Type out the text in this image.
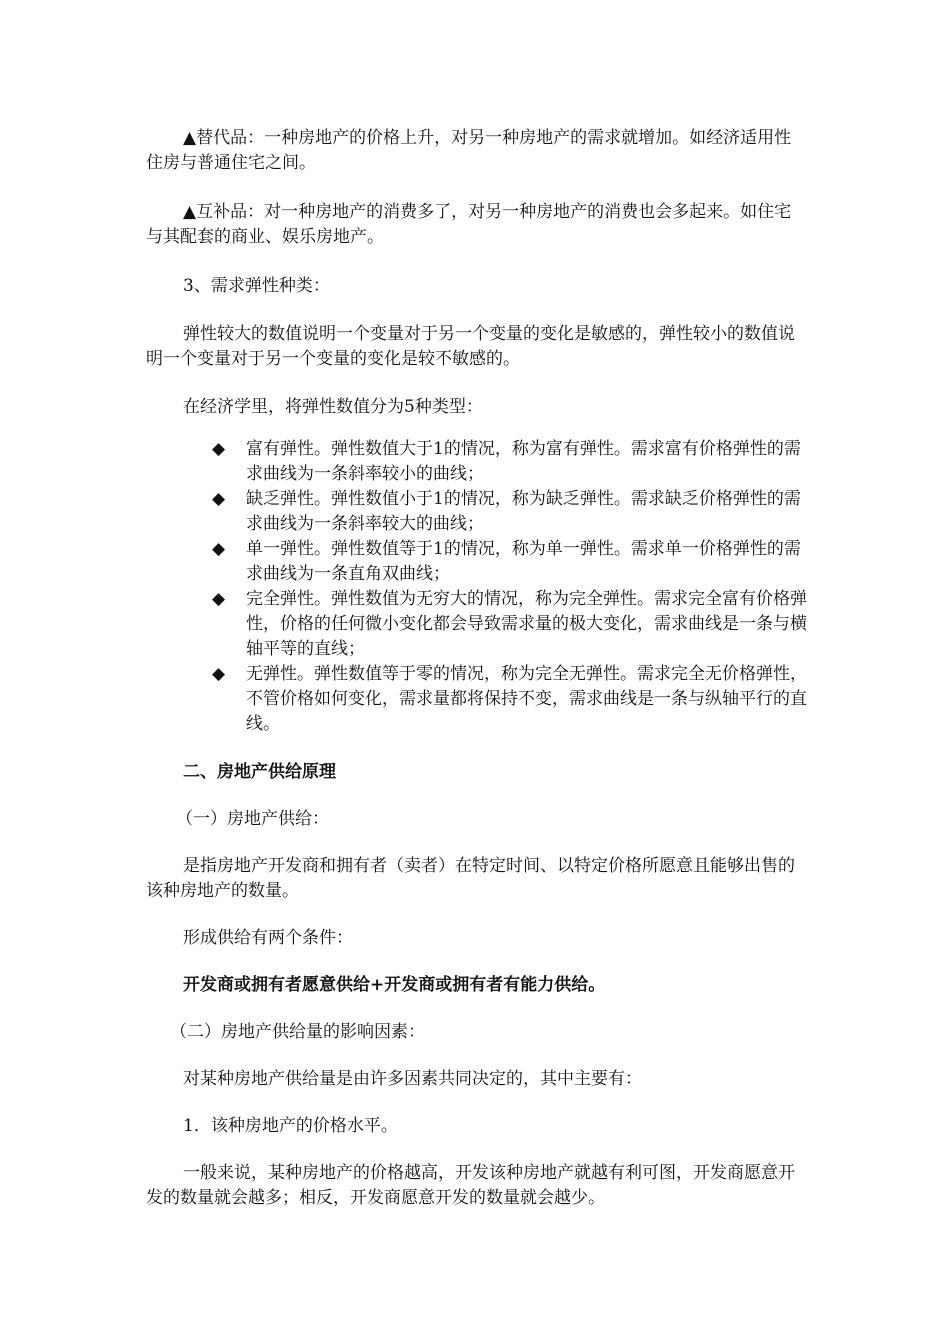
▲替代品：一种房地产的价格上升，对另一种房地产的需求就增加。如经济适用性住房与普通住宅之间。

▲互补品：对一种房地产的消费多了，对另一种房地产的消费也会多起来。如住宅与其配套的商业、娱乐房地产。

3、需求弹性种类：

弹性较大的数值说明一个变量对于另一个变量的变化是敏感的，弹性较小的数值说明一个变量对于另一个变量的变化是较不敏感的。

在经济学里，将弹性数值分为5种类型：

◆ 富有弹性。弹性数值大于1的情况，称为富有弹性。需求富有价格弹性的需求曲线为一条斜率较小的曲线；
◆ 缺乏弹性。弹性数值小于1的情况，称为缺乏弹性。需求缺乏价格弹性的需求曲线为一条斜率较大的曲线；
◆ 单一弹性。弹性数值等于1的情况，称为单一弹性。需求单一价格弹性的需求曲线为一条直角双曲线；
◆ 完全弹性。弹性数值为无穷大的情况，称为完全弹性。需求完全富有价格弹性，价格的任何微小变化都会导致需求量的极大变化，需求曲线是一条与横轴平等的直线；
◆ 无弹性。弹性数值等于零的情况，称为完全无弹性。需求完全无价格弹性，不管价格如何变化，需求量都将保持不变，需求曲线是一条与纵轴平行的直线。

二、房地产供给原理

（一）房地产供给：

是指房地产开发商和拥有者（卖者）在特定时间、以特定价格所愿意且能够出售的该种房地产的数量。

形成供给有两个条件：

开发商或拥有者愿意供给+开发商或拥有者有能力供给。

（二）房地产供给量的影响因素：

对某种房地产供给量是由许多因素共同决定的，其中主要有：

1．该种房地产的价格水平。

一般来说，某种房地产的价格越高，开发该种房地产就越有利可图，开发商愿意开发的数量就会越多；相反，开发商愿意开发的数量就会越少。
